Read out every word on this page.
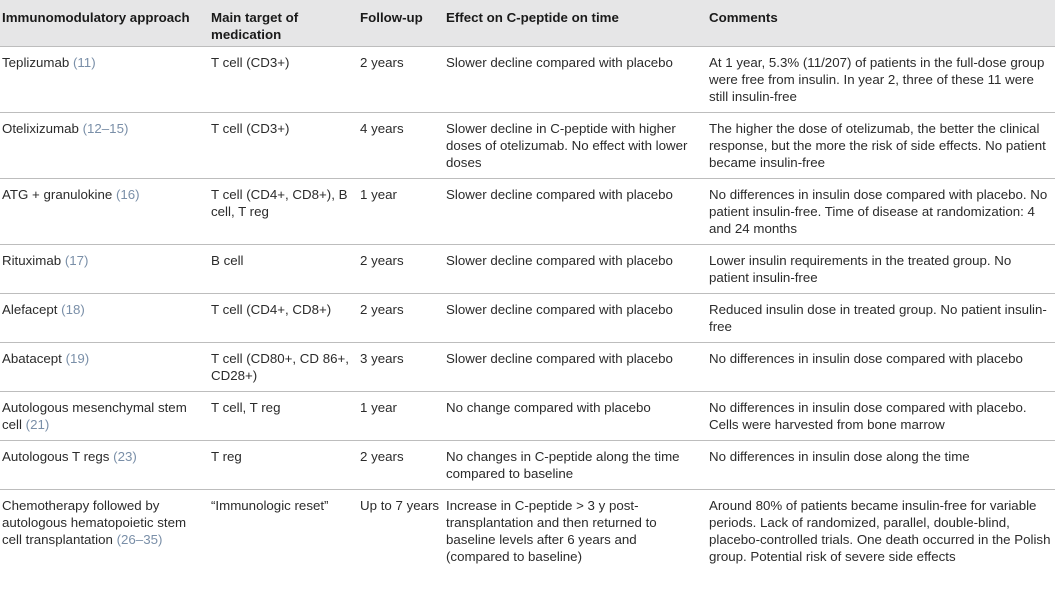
Immunomodulatory approach	Main target of medication	Follow-up	Effect on C-peptide on time	Comments
Teplizumab (11)	T cell (CD3+)	2 years	Slower decline compared with placebo	At 1 year, 5.3% (11/207) of patients in the full-dose group were free from insulin. In year 2, three of these 11 were still insulin-free
Otelixizumab (12–15)	T cell (CD3+)	4 years	Slower decline in C-peptide with higher doses of otelizumab. No effect with lower doses	The higher the dose of otelizumab, the better the clinical response, but the more the risk of side effects. No patient became insulin-free
ATG + granulokine (16)	T cell (CD4+, CD8+), B cell, T reg	1 year	Slower decline compared with placebo	No differences in insulin dose compared with placebo. No patient insulin-free. Time of disease at randomization: 4 and 24 months
Rituximab (17)	B cell	2 years	Slower decline compared with placebo	Lower insulin requirements in the treated group. No patient insulin-free
Alefacept (18)	T cell (CD4+, CD8+)	2 years	Slower decline compared with placebo	Reduced insulin dose in treated group. No patient insulin-free
Abatacept (19)	T cell (CD80+, CD 86+, CD28+)	3 years	Slower decline compared with placebo	No differences in insulin dose compared with placebo
Autologous mesenchymal stem cell (21)	T cell, T reg	1 year	No change compared with placebo	No differences in insulin dose compared with placebo. Cells were harvested from bone marrow
Autologous T regs (23)	T reg	2 years	No changes in C-peptide along the time compared to baseline	No differences in insulin dose along the time
Chemotherapy followed by autologous hematopoietic stem cell transplantation (26–35)	“Immunologic reset”	Up to 7 years	Increase in C-peptide > 3 y post-transplantation and then returned to baseline levels after 6 years and (compared to baseline)	Around 80% of patients became insulin-free for variable periods. Lack of randomized, parallel, double-blind, placebo-controlled trials. One death occurred in the Polish group. Potential risk of severe side effects
